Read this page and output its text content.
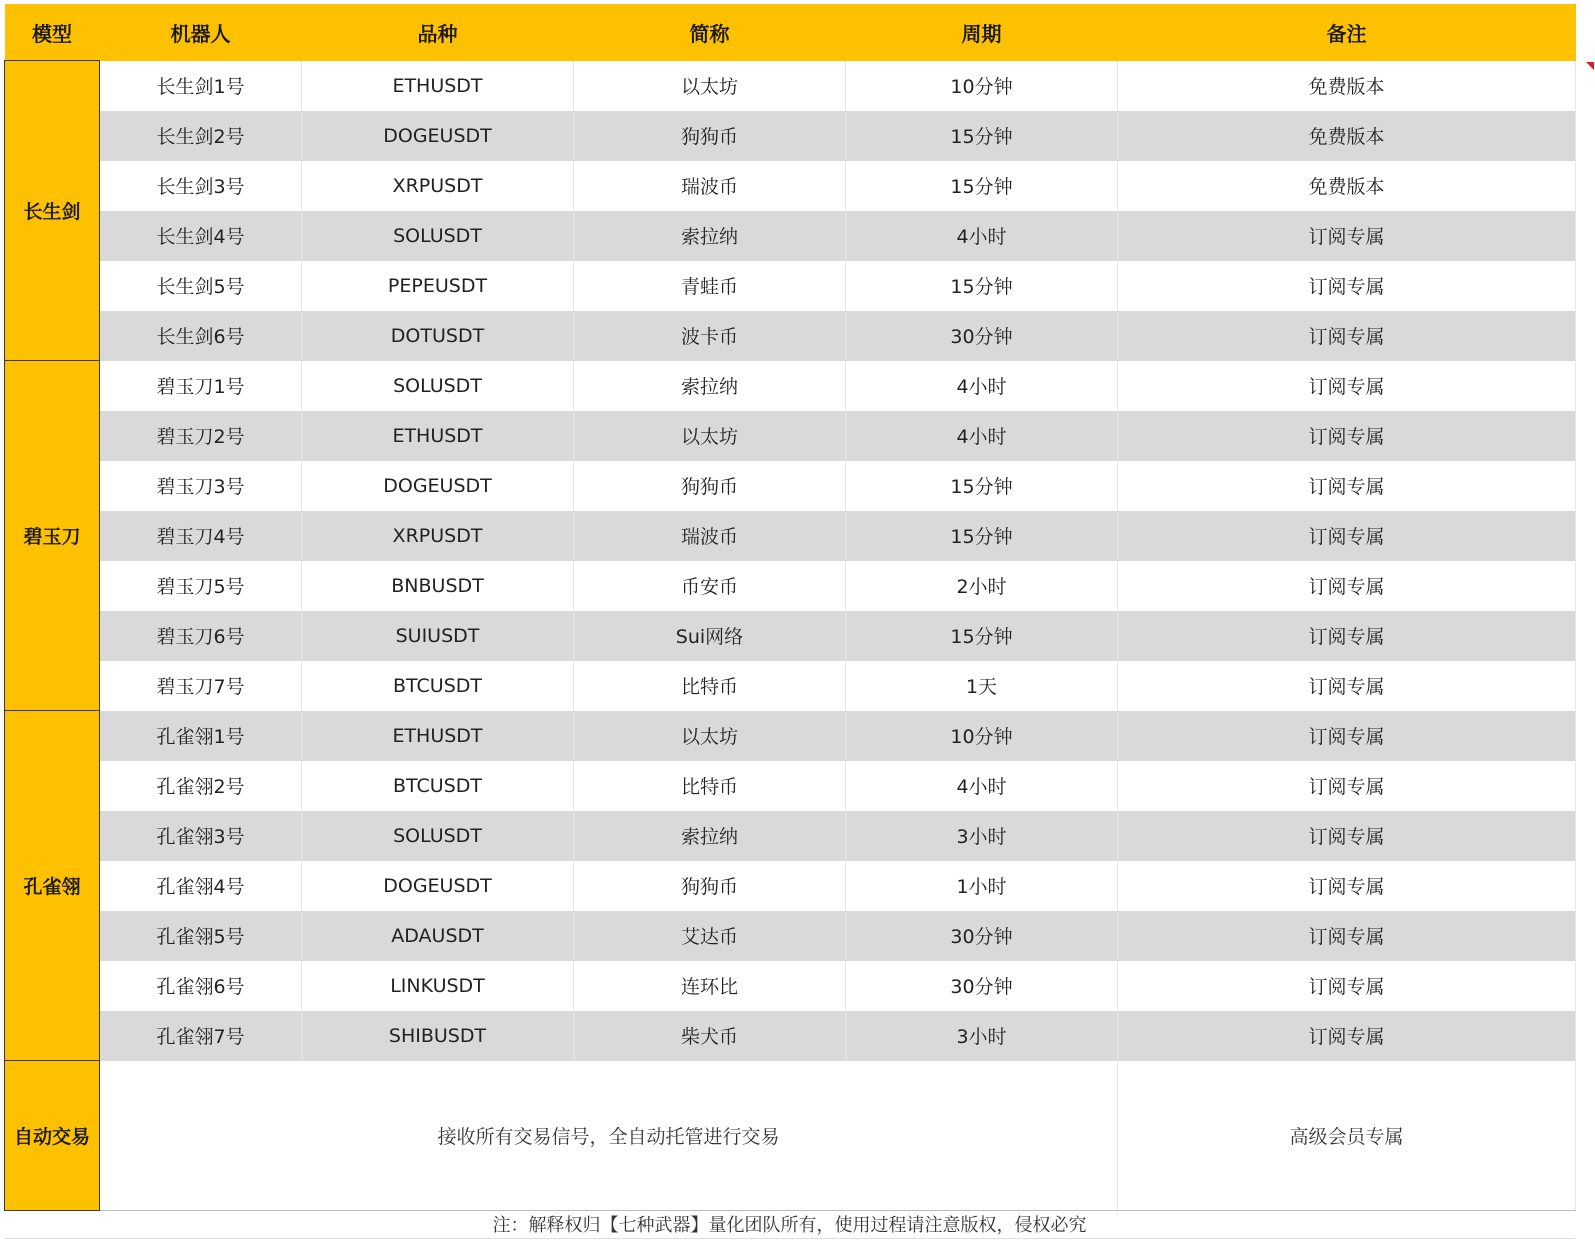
模型	机器人	品种	简称	周期	备注
长生剑	长生剑1号	ETHUSDT	以太坊	10分钟	免费版本
	长生剑2号	DOGEUSDT	狗狗币	15分钟	免费版本
	长生剑3号	XRPUSDT	瑞波币	15分钟	免费版本
	长生剑4号	SOLUSDT	索拉纳	4小时	订阅专属
	长生剑5号	PEPEUSDT	青蛙币	15分钟	订阅专属
	长生剑6号	DOTUSDT	波卡币	30分钟	订阅专属
碧玉刀	碧玉刀1号	SOLUSDT	索拉纳	4小时	订阅专属
	碧玉刀2号	ETHUSDT	以太坊	4小时	订阅专属
	碧玉刀3号	DOGEUSDT	狗狗币	15分钟	订阅专属
	碧玉刀4号	XRPUSDT	瑞波币	15分钟	订阅专属
	碧玉刀5号	BNBUSDT	币安币	2小时	订阅专属
	碧玉刀6号	SUIUSDT	Sui网络	15分钟	订阅专属
	碧玉刀7号	BTCUSDT	比特币	1天	订阅专属
孔雀翎	孔雀翎1号	ETHUSDT	以太坊	10分钟	订阅专属
	孔雀翎2号	BTCUSDT	比特币	4小时	订阅专属
	孔雀翎3号	SOLUSDT	索拉纳	3小时	订阅专属
	孔雀翎4号	DOGEUSDT	狗狗币	1小时	订阅专属
	孔雀翎5号	ADAUSDT	艾达币	30分钟	订阅专属
	孔雀翎6号	LINKUSDT	连环比	30分钟	订阅专属
	孔雀翎7号	SHIBUSDT	柴犬币	3小时	订阅专属
自动交易	接收所有交易信号，全自动托管进行交易				高级会员专属
注：解释权归【七种武器】量化团队所有，使用过程请注意版权，侵权必究
